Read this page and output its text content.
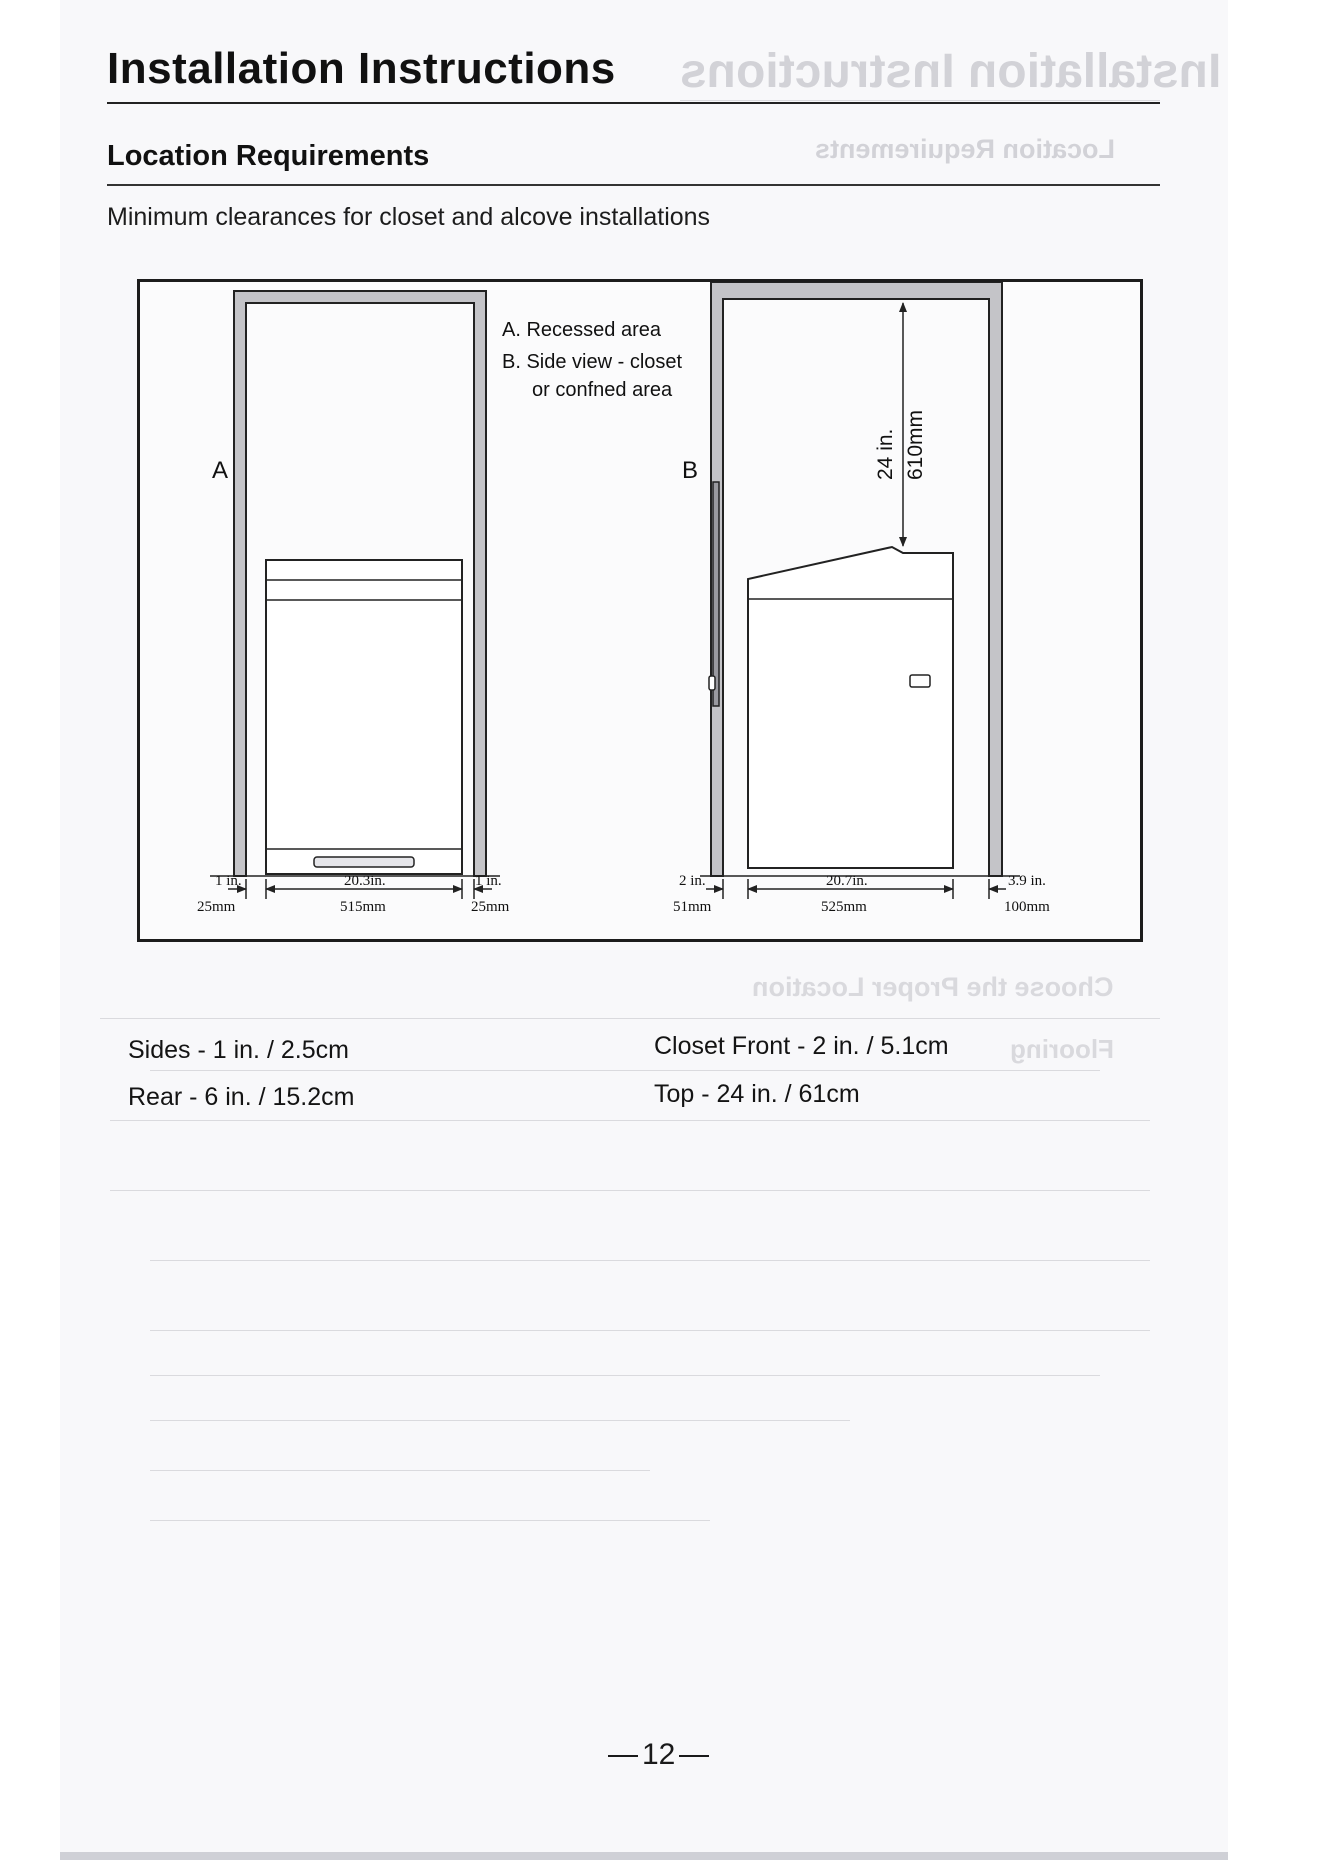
Installation Instructions
Location Requirements
Choose the Proper Location
Flooring
Installation Instructions
Location Requirements
Minimum clearances for closet and alcove installations
A
1 in.
25mm
20.3in.
515mm
1 in.
25mm
A. Recessed area
B. Side view - closet
or confned area
B	24 in. 610mm
2 in.
51mm
20.7in.
525mm
3.9 in.
100mm
Sides - 1 in. / 2.5cm
Rear - 6 in. / 15.2cm
Closet Front - 2 in. / 5.1cm
Top - 24 in. / 61cm
12
